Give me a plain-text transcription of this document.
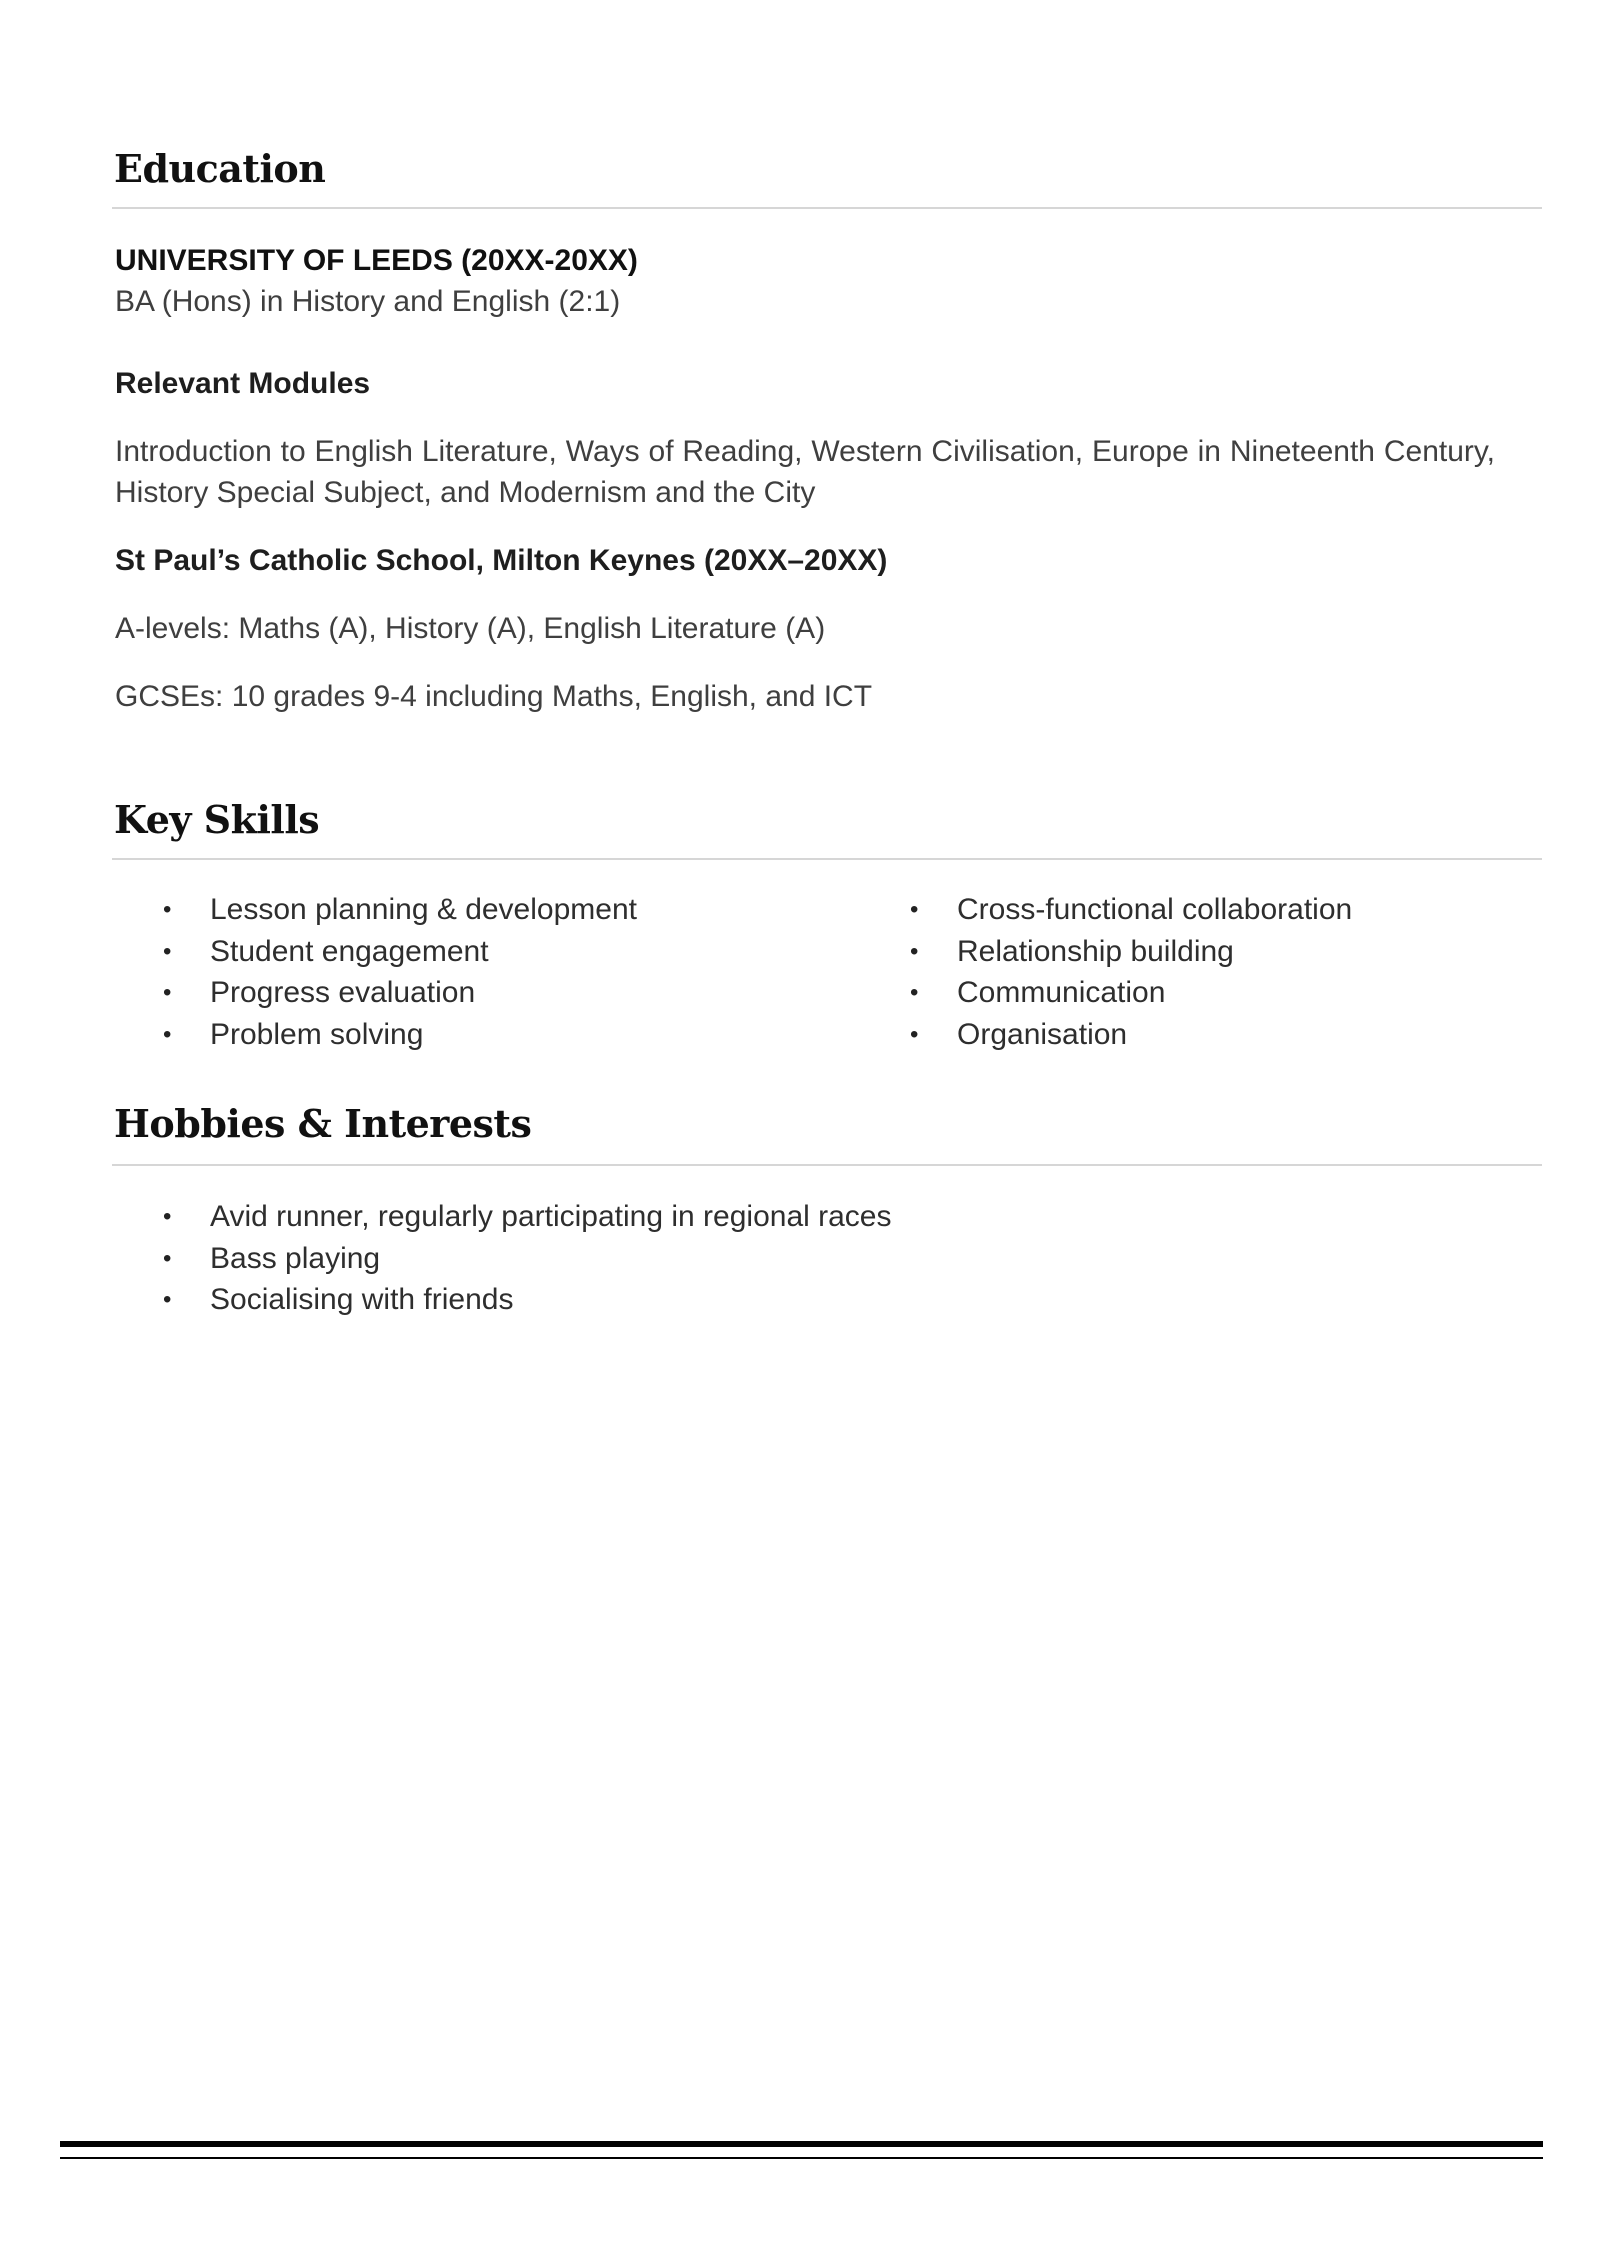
Education

UNIVERSITY OF LEEDS (20XX-20XX)

BA (Hons) in History and English (2:1)

Relevant Modules

Introduction to English Literature, Ways of Reading, Western Civilisation, Europe in Nineteenth Century, History Special Subject, and Modernism and the City

St Paul’s Catholic School, Milton Keynes (20XX–20XX)

A-levels: Maths (A), History (A), English Literature (A)

GCSEs: 10 grades 9-4 including Maths, English, and ICT

Key Skills
• Lesson planning & development
• Student engagement
• Progress evaluation
• Problem solving
• Cross-functional collaboration
• Relationship building
• Communication
• Organisation
Hobbies & Interests
• Avid runner, regularly participating in regional races
• Bass playing
• Socialising with friends
